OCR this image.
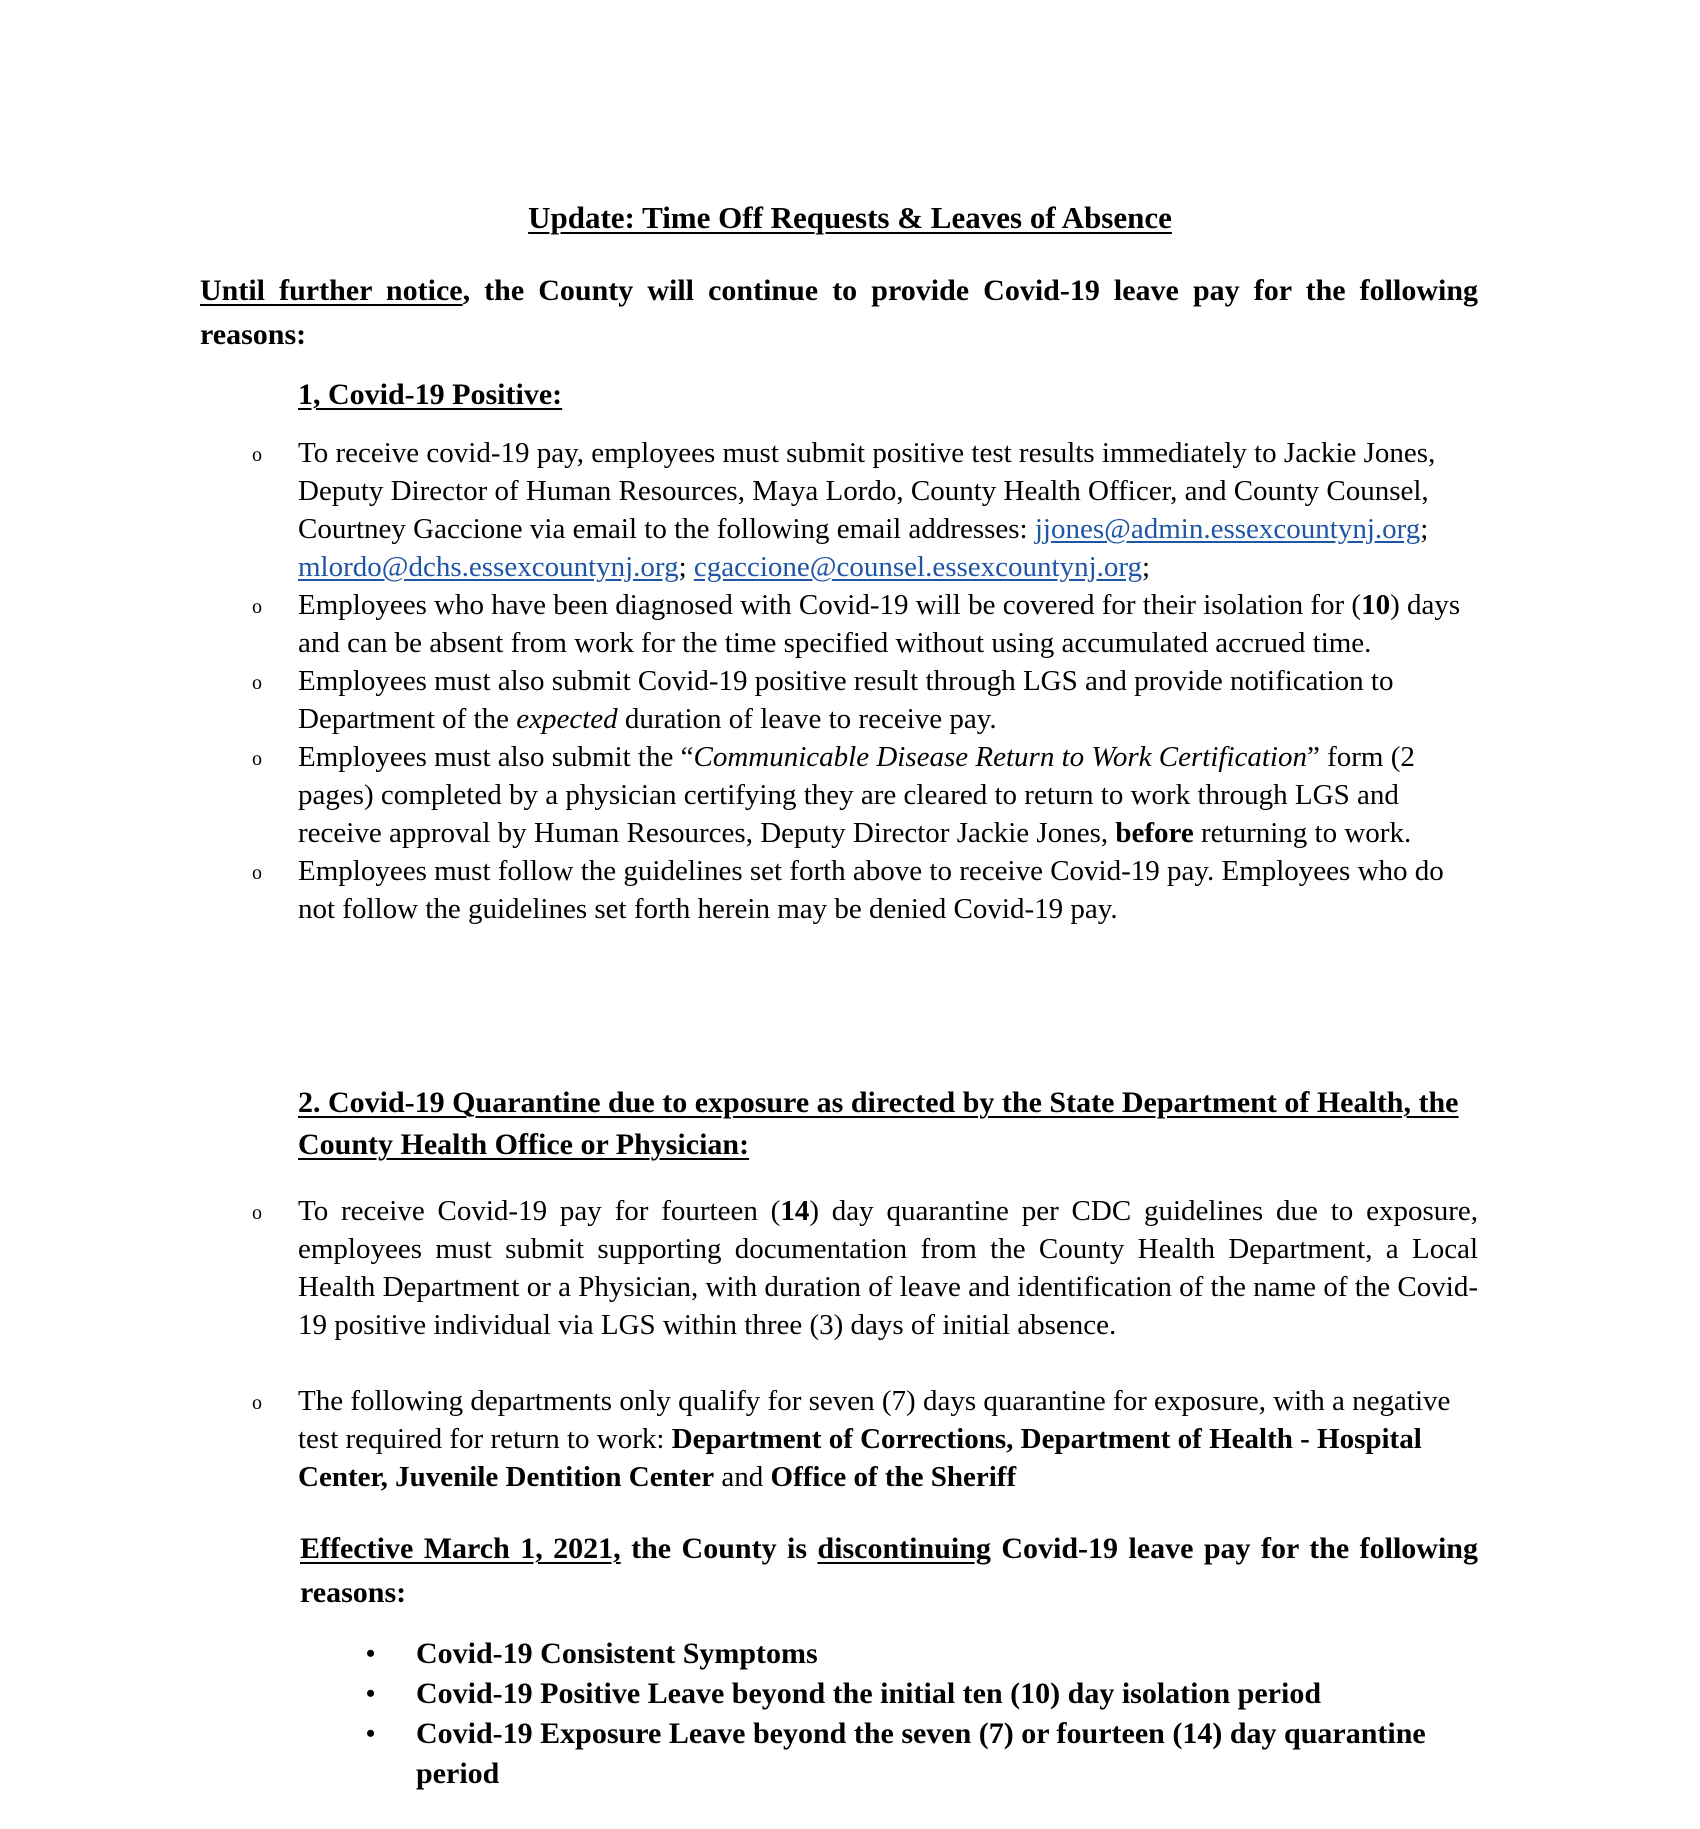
Update: Time Off Requests & Leaves of Absence
Until further notice, the County will continue to provide Covid-19 leave pay for the following reasons:
1, Covid-19 Positive:
o To receive covid-19 pay, employees must submit positive test results immediately to Jackie Jones, Deputy Director of Human Resources, Maya Lordo, County Health Officer, and County Counsel, Courtney Gaccione via email to the following email addresses: jjones@admin.essexcountynj.org; mlordo@dchs.essexcountynj.org; cgaccione@counsel.essexcountynj.org;
o Employees who have been diagnosed with Covid-19 will be covered for their isolation for (10) days and can be absent from work for the time specified without using accumulated accrued time.
o Employees must also submit Covid-19 positive result through LGS and provide notification to Department of the expected duration of leave to receive pay.
o Employees must also submit the “Communicable Disease Return to Work Certification” form (2 pages) completed by a physician certifying they are cleared to return to work through LGS and receive approval by Human Resources, Deputy Director Jackie Jones, before returning to work.
o Employees must follow the guidelines set forth above to receive Covid-19 pay. Employees who do not follow the guidelines set forth herein may be denied Covid-19 pay.
2. Covid-19 Quarantine due to exposure as directed by the State Department of Health, the County Health Office or Physician:
o To receive Covid-19 pay for fourteen (14) day quarantine per CDC guidelines due to exposure, employees must submit supporting documentation from the County Health Department, a Local Health Department or a Physician, with duration of leave and identification of the name of the Covid-19 positive individual via LGS within three (3) days of initial absence.
o The following departments only qualify for seven (7) days quarantine for exposure, with a negative test required for return to work: Department of Corrections, Department of Health - Hospital Center, Juvenile Dentition Center and Office of the Sheriff
Effective March 1, 2021, the County is discontinuing Covid-19 leave pay for the following reasons:
• Covid-19 Consistent Symptoms
• Covid-19 Positive Leave beyond the initial ten (10) day isolation period
• Covid-19 Exposure Leave beyond the seven (7) or fourteen (14) day quarantine period
